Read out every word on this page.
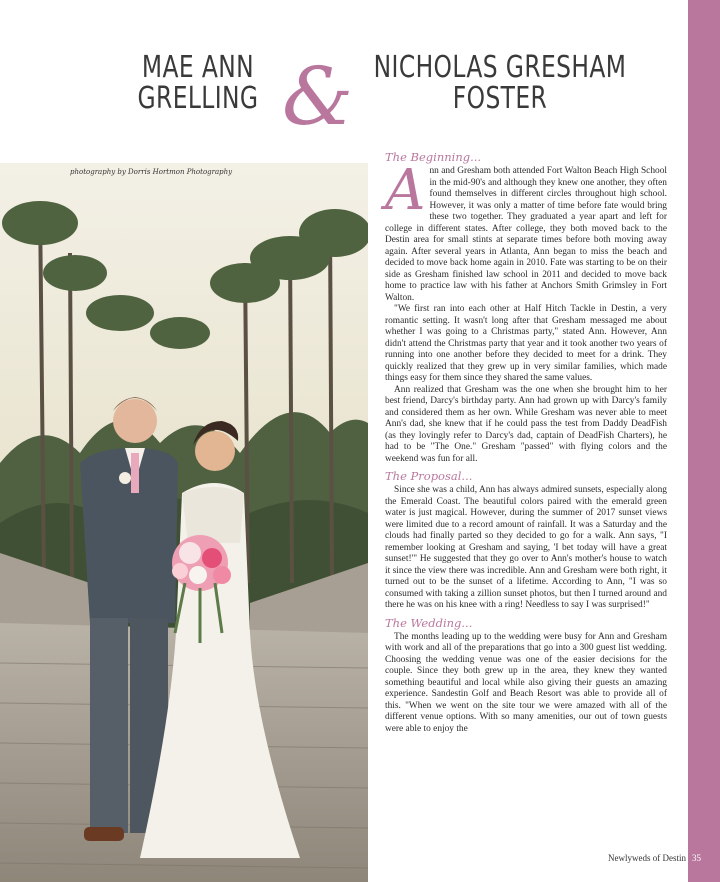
MAE ANN
GRELLING & NICHOLAS GRESHAM
FOSTER
photography by Dorris Hortmon Photography
The Beginning...

Ann and Gresham both attended Fort Walton Beach High School in the mid-90's and although they knew one another, they often found themselves in different circles throughout high school. However, it was only a matter of time before fate would bring these two together. They graduated a year apart and left for college in different states. After college, they both moved back to the Destin area for small stints at separate times before both moving away again. After several years in Atlanta, Ann began to miss the beach and decided to move back home again in 2010. Fate was starting to be on their side as Gresham finished law school in 2011 and decided to move back home to practice law with his father at Anchors Smith Grimsley in Fort Walton.

"We first ran into each other at Half Hitch Tackle in Destin, a very romantic setting. It wasn't long after that Gresham messaged me about whether I was going to a Christmas party," stated Ann. However, Ann didn't attend the Christmas party that year and it took another two years of running into one another before they decided to meet for a drink. They quickly realized that they grew up in very similar families, which made things easy for them since they shared the same values.

Ann realized that Gresham was the one when she brought him to her best friend, Darcy's birthday party. Ann had grown up with Darcy's family and considered them as her own. While Gresham was never able to meet Ann's dad, she knew that if he could pass the test from Daddy DeadFish (as they lovingly refer to Darcy's dad, captain of DeadFish Charters), he had to be "The One." Gresham "passed" with flying colors and the weekend was fun for all.

The Proposal...

Since she was a child, Ann has always admired sunsets, especially along the Emerald Coast. The beautiful colors paired with the emerald green water is just magical. However, during the summer of 2017 sunset views were limited due to a record amount of rainfall. It was a Saturday and the clouds had finally parted so they decided to go for a walk. Ann says, "I remember looking at Gresham and saying, 'I bet today will have a great sunset!'" He suggested that they go over to Ann's mother's house to watch it since the view there was incredible. Ann and Gresham were both right, it turned out to be the sunset of a lifetime. According to Ann, "I was so consumed with taking a zillion sunset photos, but then I turned around and there he was on his knee with a ring! Needless to say I was surprised!"

The Wedding...

The months leading up to the wedding were busy for Ann and Gresham with work and all of the preparations that go into a 300 guest list wedding. Choosing the wedding venue was one of the easier decisions for the couple. Since they both grew up in the area, they knew they wanted something beautiful and local while also giving their guests an amazing experience. Sandestin Golf and Beach Resort was able to provide all of this. "When we went on the site tour we were amazed with all of the different venue options. With so many amenities, our out of town guests were able to enjoy the

Newlyweds of Destin 35
